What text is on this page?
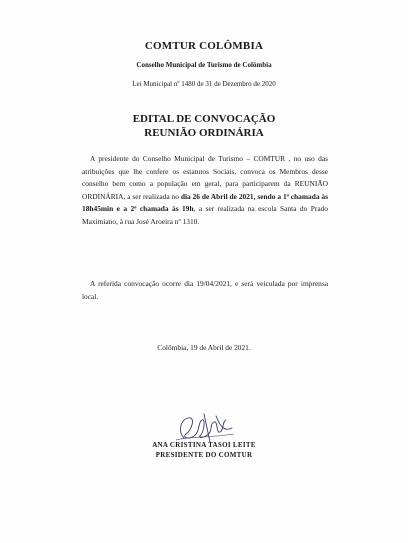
COMTUR COLÔMBIA
Conselho Municipal de Turismo de Colômbia
Lei Municipal nº 1480 de 31 de Dezembro de 2020
EDITAL DE CONVOCAÇÃO
REUNIÃO ORDINÁRIA
A presidente do Conselho Municipal de Turismo – COMTUR , no uso das atribuições que lhe confere os estatutos Sociais, convoca os Membros desse conselho bem como a população em geral, para participarem da REUNIÃO ORDINÁRIA, a ser realizada no dia 26 de Abril de 2021, sendo a 1ª chamada às 18h45min e a 2ª chamada às 19h, a ser realizada na escola Santa do Prado Maximiano, à rua José Aroeira nº 1310.
A referida convocação ocorre dia 19/04/2021, e será veiculada por imprensa local.
Colômbia, 19 de Abril de 2021.
ANA CRISTINA TASOI LEITE
PRESIDENTE DO COMTUR
